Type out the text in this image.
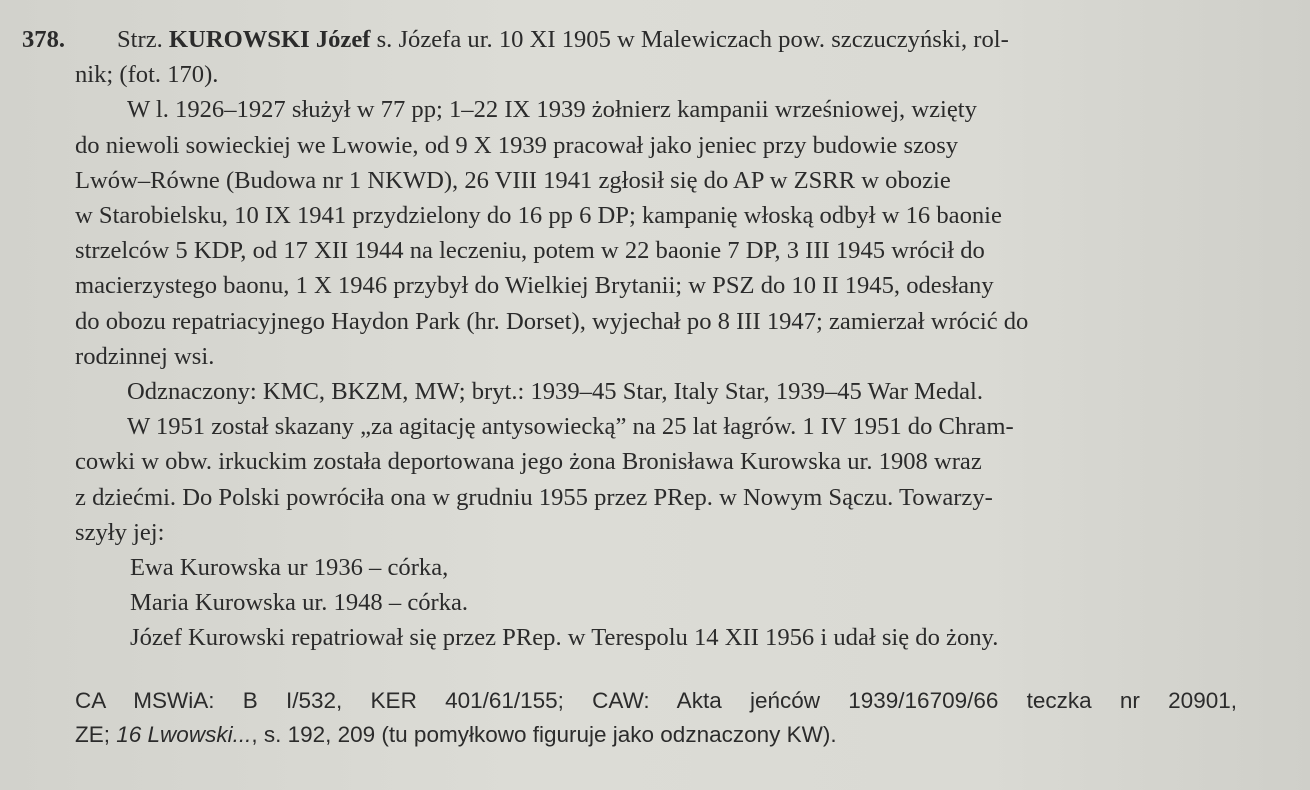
378. Strz. KUROWSKI Józef s. Józefa ur. 10 XI 1905 w Malewiczach pow. szczuczyński, rol-
nik; (fot. 170).
W l. 1926–1927 służył w 77 pp; 1–22 IX 1939 żołnierz kampanii wrześniowej, wzięty
do niewoli sowieckiej we Lwowie, od 9 X 1939 pracował jako jeniec przy budowie szosy
Lwów–Równe (Budowa nr 1 NKWD), 26 VIII 1941 zgłosił się do AP w ZSRR w obozie
w Starobielsku, 10 IX 1941 przydzielony do 16 pp 6 DP; kampanię włoską odbył w 16 baonie
strzelców 5 KDP, od 17 XII 1944 na leczeniu, potem w 22 baonie 7 DP, 3 III 1945 wrócił do
macierzystego baonu, 1 X 1946 przybył do Wielkiej Brytanii; w PSZ do 10 II 1945, odesłany
do obozu repatriacyjnego Haydon Park (hr. Dorset), wyjechał po 8 III 1947; zamierzał wrócić do
rodzinnej wsi.
Odznaczony: KMC, BKZM, MW; bryt.: 1939–45 Star, Italy Star, 1939–45 War Medal.
W 1951 został skazany „za agitację antysowiecką” na 25 lat łagrów. 1 IV 1951 do Chram-
cowki w obw. irkuckim została deportowana jego żona Bronisława Kurowska ur. 1908 wraz
z dziećmi. Do Polski powróciła ona w grudniu 1955 przez PRep. w Nowym Sączu. Towarzy-
szyły jej:
Ewa Kurowska ur 1936 – córka,
Maria Kurowska ur. 1948 – córka.
Józef Kurowski repatriował się przez PRep. w Terespolu 14 XII 1956 i udał się do żony.
CA MSWiA: B I/532, KER 401/61/155; CAW: Akta jeńców 1939/16709/66 teczka nr 20901,
ZE; 16 Lwowski..., s. 192, 209 (tu pomyłkowo figuruje jako odznaczony KW).
